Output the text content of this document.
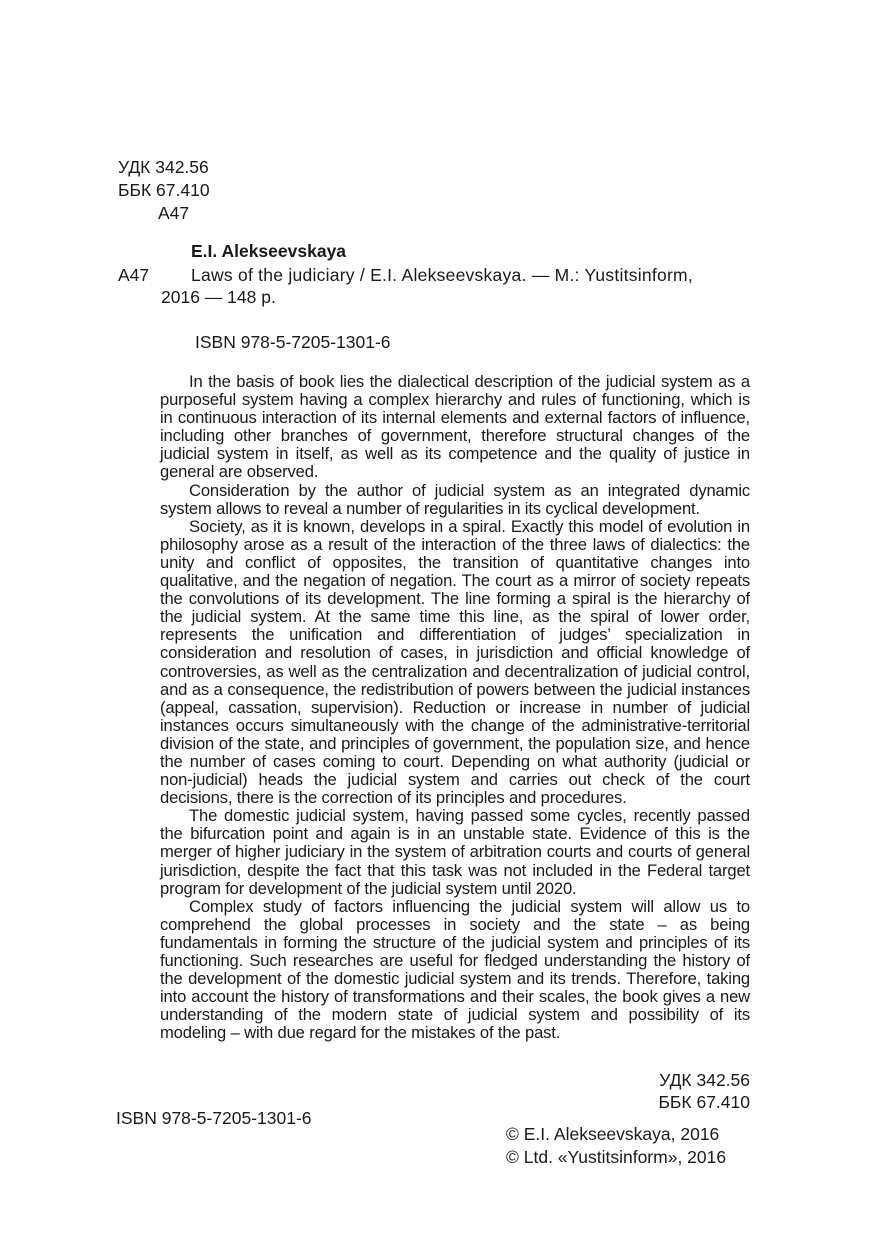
УДК 342.56
ББК 67.410
А47
E.I. Alekseevskaya
A47 Laws of the judiciary / E.I. Alekseevskaya. — M.: Yustitsinform,
2016 — 148 p.
ISBN 978-5-7205-1301-6

In the basis of book lies the dialectical description of the judicial system as a purposeful system having a complex hierarchy and rules of functioning, which is in continuous interaction of its internal elements and external factors of influence, including other branches of government, therefore structural changes of the judicial system in itself, as well as its competence and the quality of justice in general are observed.

Consideration by the author of judicial system as an integrated dynamic system allows to reveal a number of regularities in its cyclical development.

Society, as it is known, develops in a spiral. Exactly this model of evolution in philosophy arose as a result of the interaction of the three laws of dialectics: the unity and conflict of opposites, the transition of quantitative changes into qualitative, and the negation of negation. The court as a mirror of society repeats the convolutions of its development. The line forming a spiral is the hierarchy of the judicial system. At the same time this line, as the spiral of lower order, represents the unification and differentiation of judges’ specialization in consideration and resolution of cases, in jurisdiction and official knowledge of controversies, as well as the centralization and decentralization of judicial control, and as a consequence, the redistribution of powers between the judicial instances (appeal, cassation, supervision). Reduction or increase in number of judicial instances occurs simultaneously with the change of the administrative-territorial division of the state, and principles of government, the population size, and hence the number of cases coming to court. Depending on what authority (judicial or non-judicial) heads the judicial system and carries out check of the court decisions, there is the correction of its principles and procedures.

The domestic judicial system, having passed some cycles, recently passed the bifurcation point and again is in an unstable state. Evidence of this is the merger of higher judiciary in the system of arbitration courts and courts of general jurisdiction, despite the fact that this task was not included in the Federal target program for development of the judicial system until 2020.

Complex study of factors influencing the judicial system will allow us to comprehend the global processes in society and the state – as being fundamentals in forming the structure of the judicial system and principles of its functioning. Such researches are useful for fledged understanding the history of the development of the domestic judicial system and its trends. Therefore, taking into account the history of transformations and their scales, the book gives a new understanding of the modern state of judicial system and possibility of its modeling – with due regard for the mistakes of the past.

УДК 342.56
ББК 67.410
ISBN 978-5-7205-1301-6
© E.I. Alekseevskaya, 2016
© Ltd. «Yustitsinform», 2016
